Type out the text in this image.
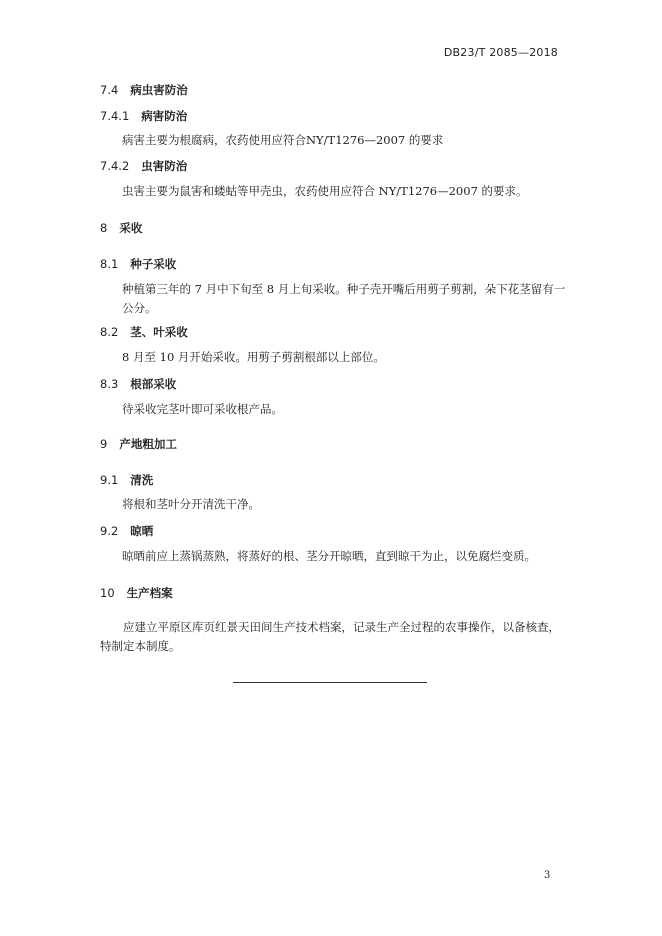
DB23/T 2085—2018
7.4 病虫害防治
7.4.1 病害防治
病害主要为根腐病，农药使用应符合NY/T1276—2007 的要求
7.4.2 虫害防治
虫害主要为鼠害和蝼蛄等甲壳虫，农药使用应符合 NY/T1276—2007 的要求。
8 采收
8.1 种子采收
种植第三年的 7 月中下旬至 8 月上旬采收。种子壳开嘴后用剪子剪割，朵下花茎留有一公分。
8.2 茎、叶采收
8 月至 10 月开始采收。用剪子剪割根部以上部位。
8.3 根部采收
待采收完茎叶即可采收根产品。
9 产地粗加工
9.1 清洗
将根和茎叶分开清洗干净。
9.2 晾晒
晾晒前应上蒸锅蒸熟，将蒸好的根、茎分开晾晒，直到晾干为止，以免腐烂变质。
10 生产档案
应建立平原区库页红景天田间生产技术档案，记录生产全过程的农事操作，以备核查，特制定本制度。
3
